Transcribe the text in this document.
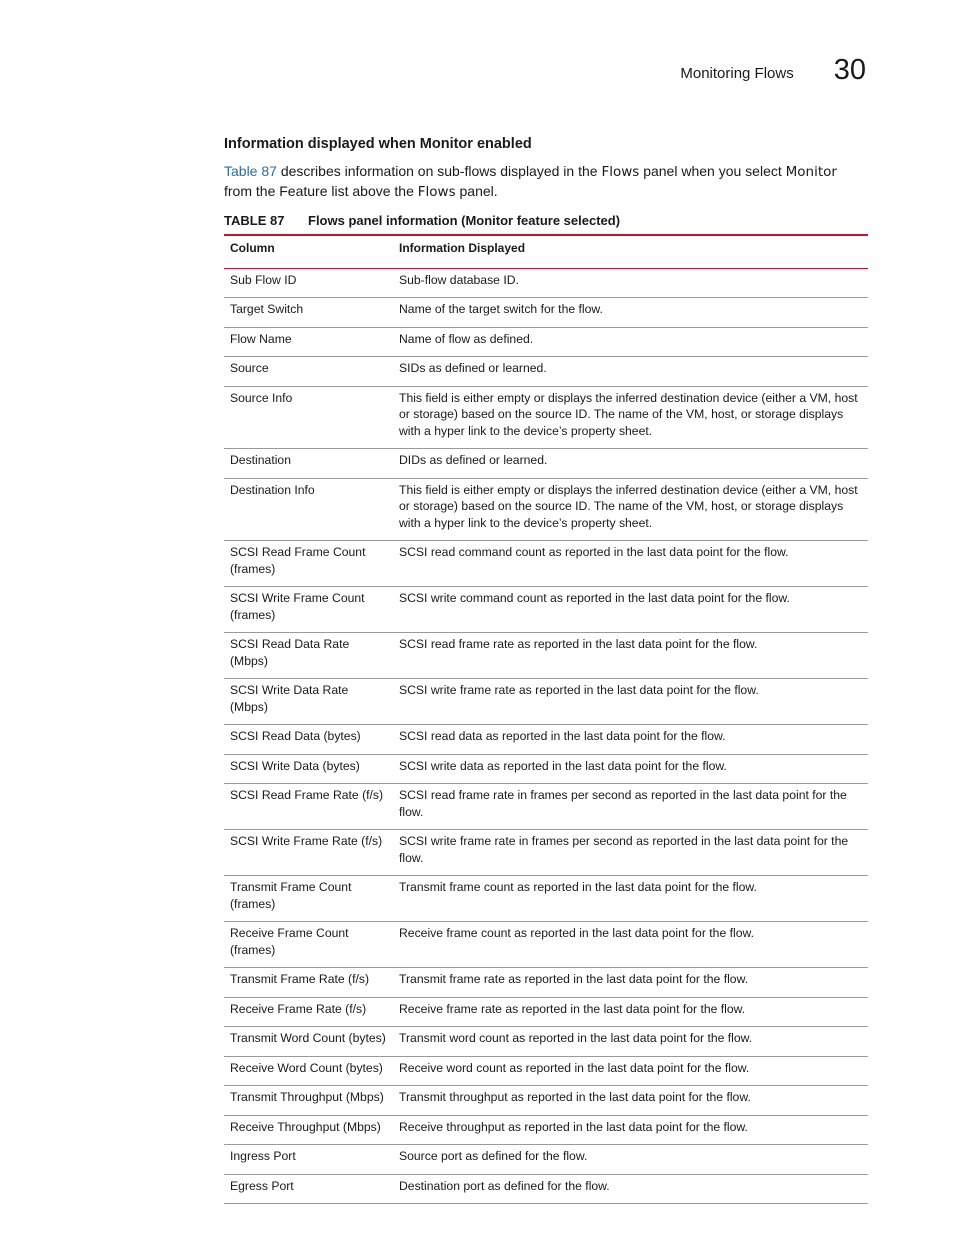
Monitoring Flows 30
Information displayed when Monitor enabled

Table 87 describes information on sub-flows displayed in the Flows panel when you select Monitor from the Feature list above the Flows panel.

TABLE 87	Flows panel information (Monitor feature selected)
Column	Information Displayed
Sub Flow ID	Sub-flow database ID.
Target Switch	Name of the target switch for the flow.
Flow Name	Name of flow as defined.
Source	SIDs as defined or learned.
Source Info	This field is either empty or displays the inferred destination device (either a VM, host or storage) based on the source ID. The name of the VM, host, or storage displays with a hyper link to the device’s property sheet.
Destination	DIDs as defined or learned.
Destination Info	This field is either empty or displays the inferred destination device (either a VM, host or storage) based on the source ID. The name of the VM, host, or storage displays with a hyper link to the device’s property sheet.
SCSI Read Frame Count (frames)	SCSI read command count as reported in the last data point for the flow.
SCSI Write Frame Count (frames)	SCSI write command count as reported in the last data point for the flow.
SCSI Read Data Rate (Mbps)	SCSI read frame rate as reported in the last data point for the flow.
SCSI Write Data Rate (Mbps)	SCSI write frame rate as reported in the last data point for the flow.
SCSI Read Data (bytes)	SCSI read data as reported in the last data point for the flow.
SCSI Write Data (bytes)	SCSI write data as reported in the last data point for the flow.
SCSI Read Frame Rate (f/s)	SCSI read frame rate in frames per second as reported in the last data point for the flow.
SCSI Write Frame Rate (f/s)	SCSI write frame rate in frames per second as reported in the last data point for the flow.
Transmit Frame Count (frames)	Transmit frame count as reported in the last data point for the flow.
Receive Frame Count (frames)	Receive frame count as reported in the last data point for the flow.
Transmit Frame Rate (f/s)	Transmit frame rate as reported in the last data point for the flow.
Receive Frame Rate (f/s)	Receive frame rate as reported in the last data point for the flow.
Transmit Word Count (bytes)	Transmit word count as reported in the last data point for the flow.
Receive Word Count (bytes)	Receive word count as reported in the last data point for the flow.
Transmit Throughput (Mbps)	Transmit throughput as reported in the last data point for the flow.
Receive Throughput (Mbps)	Receive throughput as reported in the last data point for the flow.
Ingress Port	Source port as defined for the flow.
Egress Port	Destination port as defined for the flow.
